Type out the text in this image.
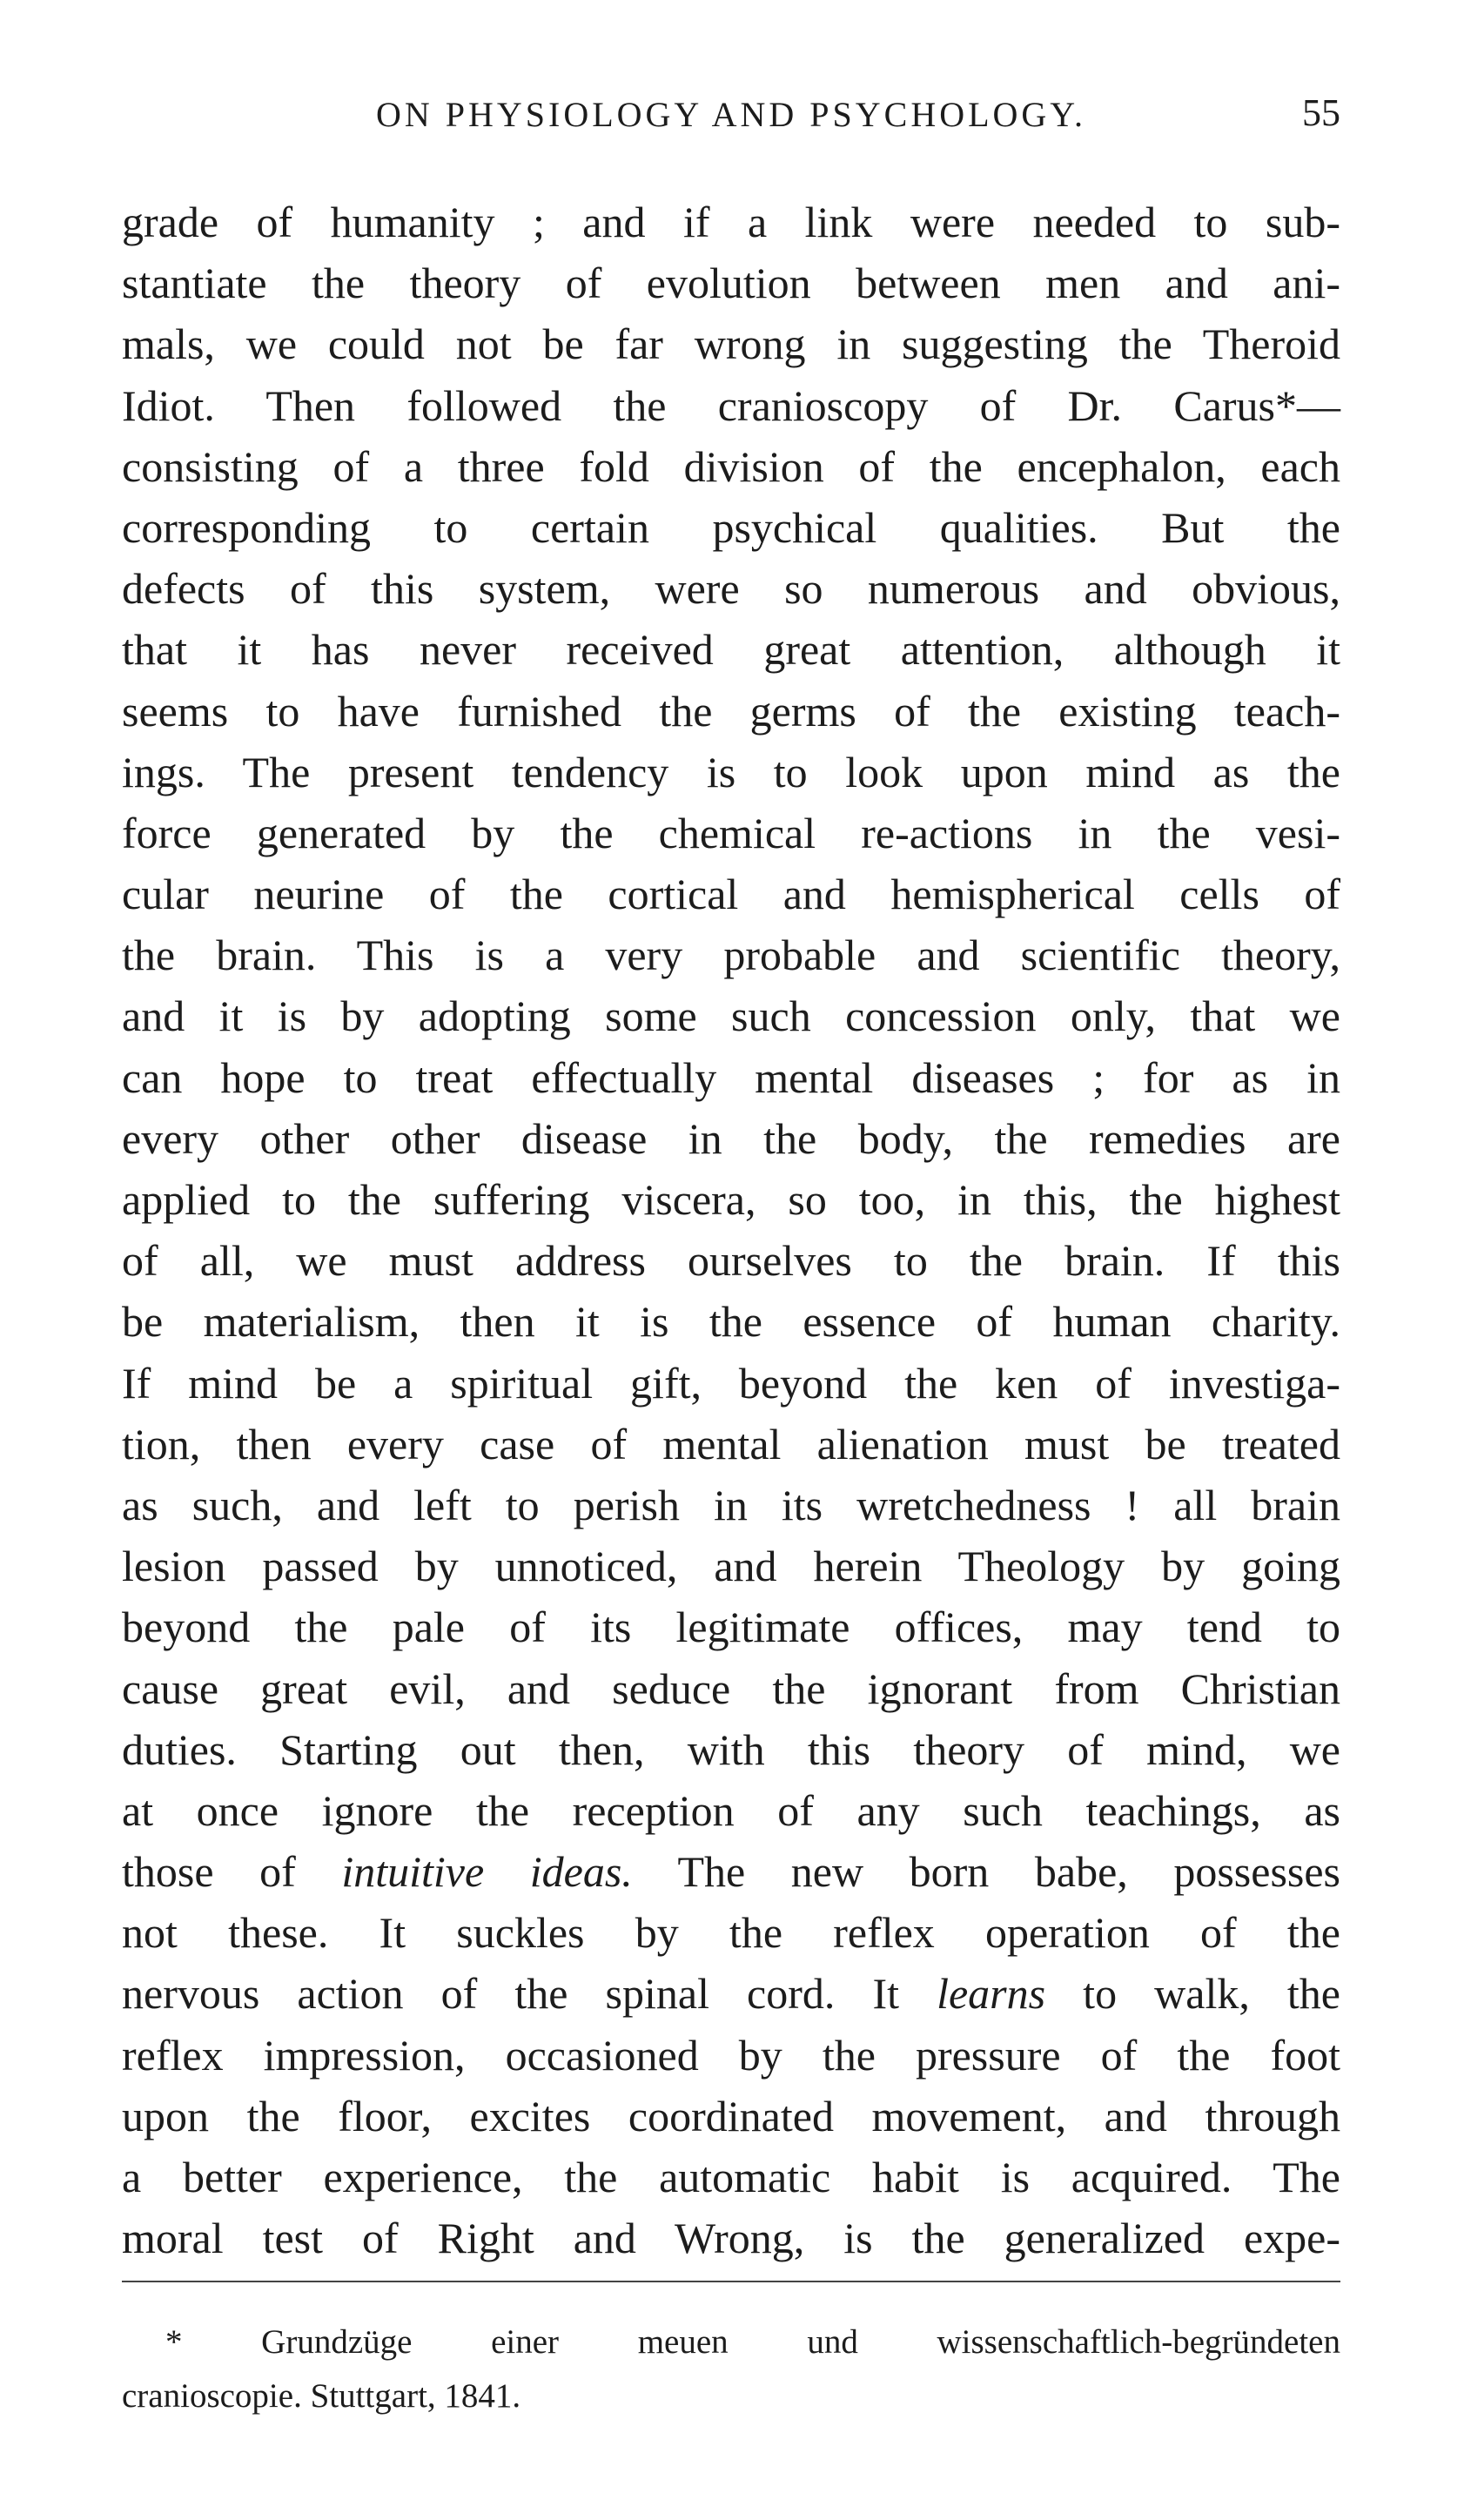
ON PHYSIOLOGY AND PSYCHOLOGY.	55
grade of humanity ; and if a link were needed to sub-
stantiate the theory of evolution between men and ani-
mals, we could not be far wrong in suggesting the Theroid
Idiot. Then followed the cranioscopy of Dr. Carus*—
consisting of a three fold division of the encephalon, each
corresponding to certain psychical qualities. But the
defects of this system, were so numerous and obvious,
that it has never received great attention, although it
seems to have furnished the germs of the existing teach-
ings. The present tendency is to look upon mind as the
force generated by the chemical re-actions in the vesi-
cular neurine of the cortical and hemispherical cells of
the brain. This is a very probable and scientific theory,
and it is by adopting some such concession only, that we
can hope to treat effectually mental diseases ; for as in
every other other disease in the body, the remedies are
applied to the suffering viscera, so too, in this, the highest
of all, we must address ourselves to the brain. If this
be materialism, then it is the essence of human charity.
If mind be a spiritual gift, beyond the ken of investiga-
tion, then every case of mental alienation must be treated
as such, and left to perish in its wretchedness ! all brain
lesion passed by unnoticed, and herein Theology by going
beyond the pale of its legitimate offices, may tend to
cause great evil, and seduce the ignorant from Christian
duties. Starting out then, with this theory of mind, we
at once ignore the reception of any such teachings, as
those of intuitive ideas. The new born babe, possesses
not these. It suckles by the reflex operation of the
nervous action of the spinal cord. It learns to walk, the
reflex impression, occasioned by the pressure of the foot
upon the floor, excites coordinated movement, and through
a better experience, the automatic habit is acquired. The
moral test of Right and Wrong, is the generalized expe-
* Grundzüge einer meuen und wissenschaftlich-begründeten
cranioscopie. Stuttgart, 1841.
